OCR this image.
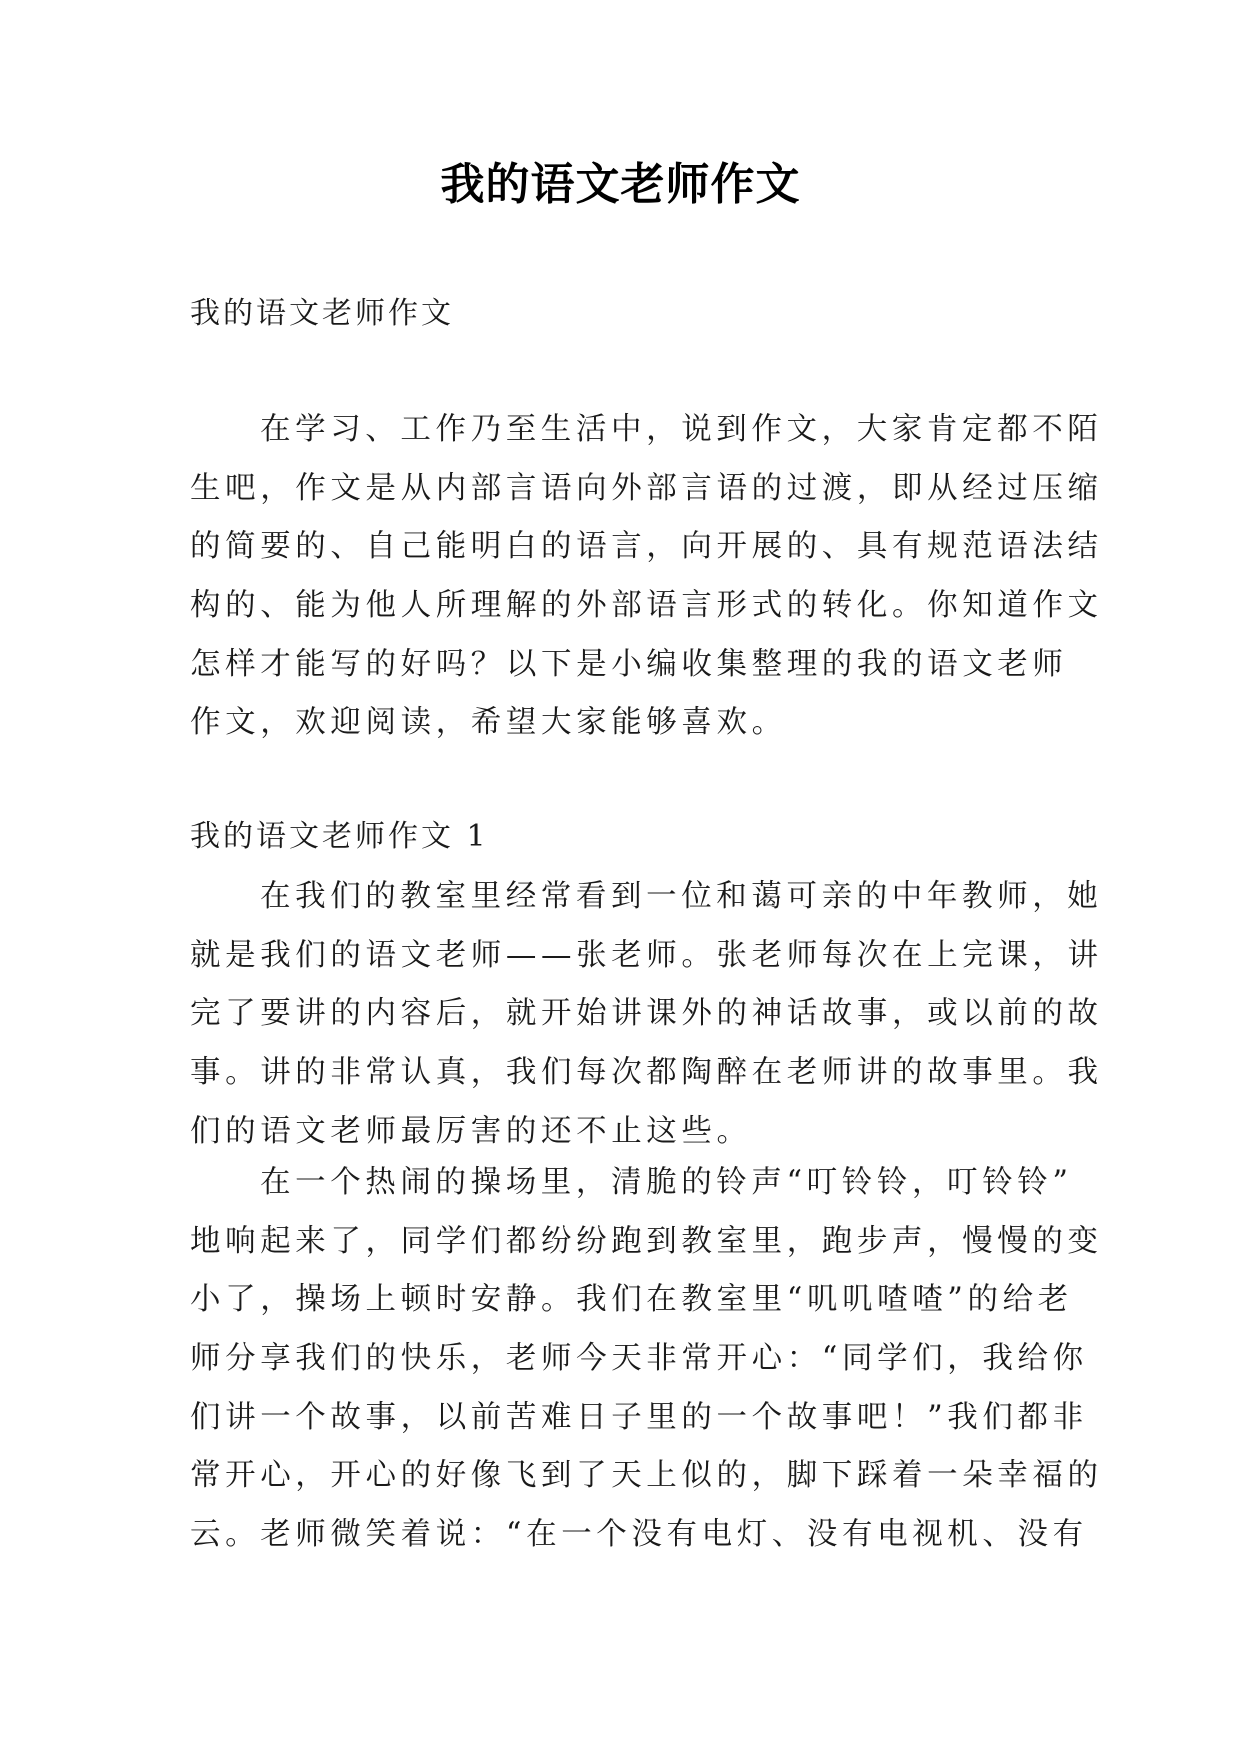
我的语文老师作文
我的语文老师作文
在学习、工作乃至生活中，说到作文，大家肯定都不陌
生吧，作文是从内部言语向外部言语的过渡，即从经过压缩
的简要的、自己能明白的语言，向开展的、具有规范语法结
构的、能为他人所理解的外部语言形式的转化。你知道作文
怎样才能写的好吗？以下是小编收集整理的我的语文老师
作文，欢迎阅读，希望大家能够喜欢。
我的语文老师作文 1
在我们的教室里经常看到一位和蔼可亲的中年教师，她
就是我们的语文老师——张老师。张老师每次在上完课，讲
完了要讲的内容后，就开始讲课外的神话故事，或以前的故
事。讲的非常认真，我们每次都陶醉在老师讲的故事里。我
们的语文老师最厉害的还不止这些。
在一个热闹的操场里，清脆的铃声“叮铃铃，叮铃铃”
地响起来了，同学们都纷纷跑到教室里，跑步声，慢慢的变
小了，操场上顿时安静。我们在教室里“叽叽喳喳”的给老
师分享我们的快乐，老师今天非常开心：“同学们，我给你
们讲一个故事，以前苦难日子里的一个故事吧！”我们都非
常开心，开心的好像飞到了天上似的，脚下踩着一朵幸福的
云。老师微笑着说：“在一个没有电灯、没有电视机、没有
